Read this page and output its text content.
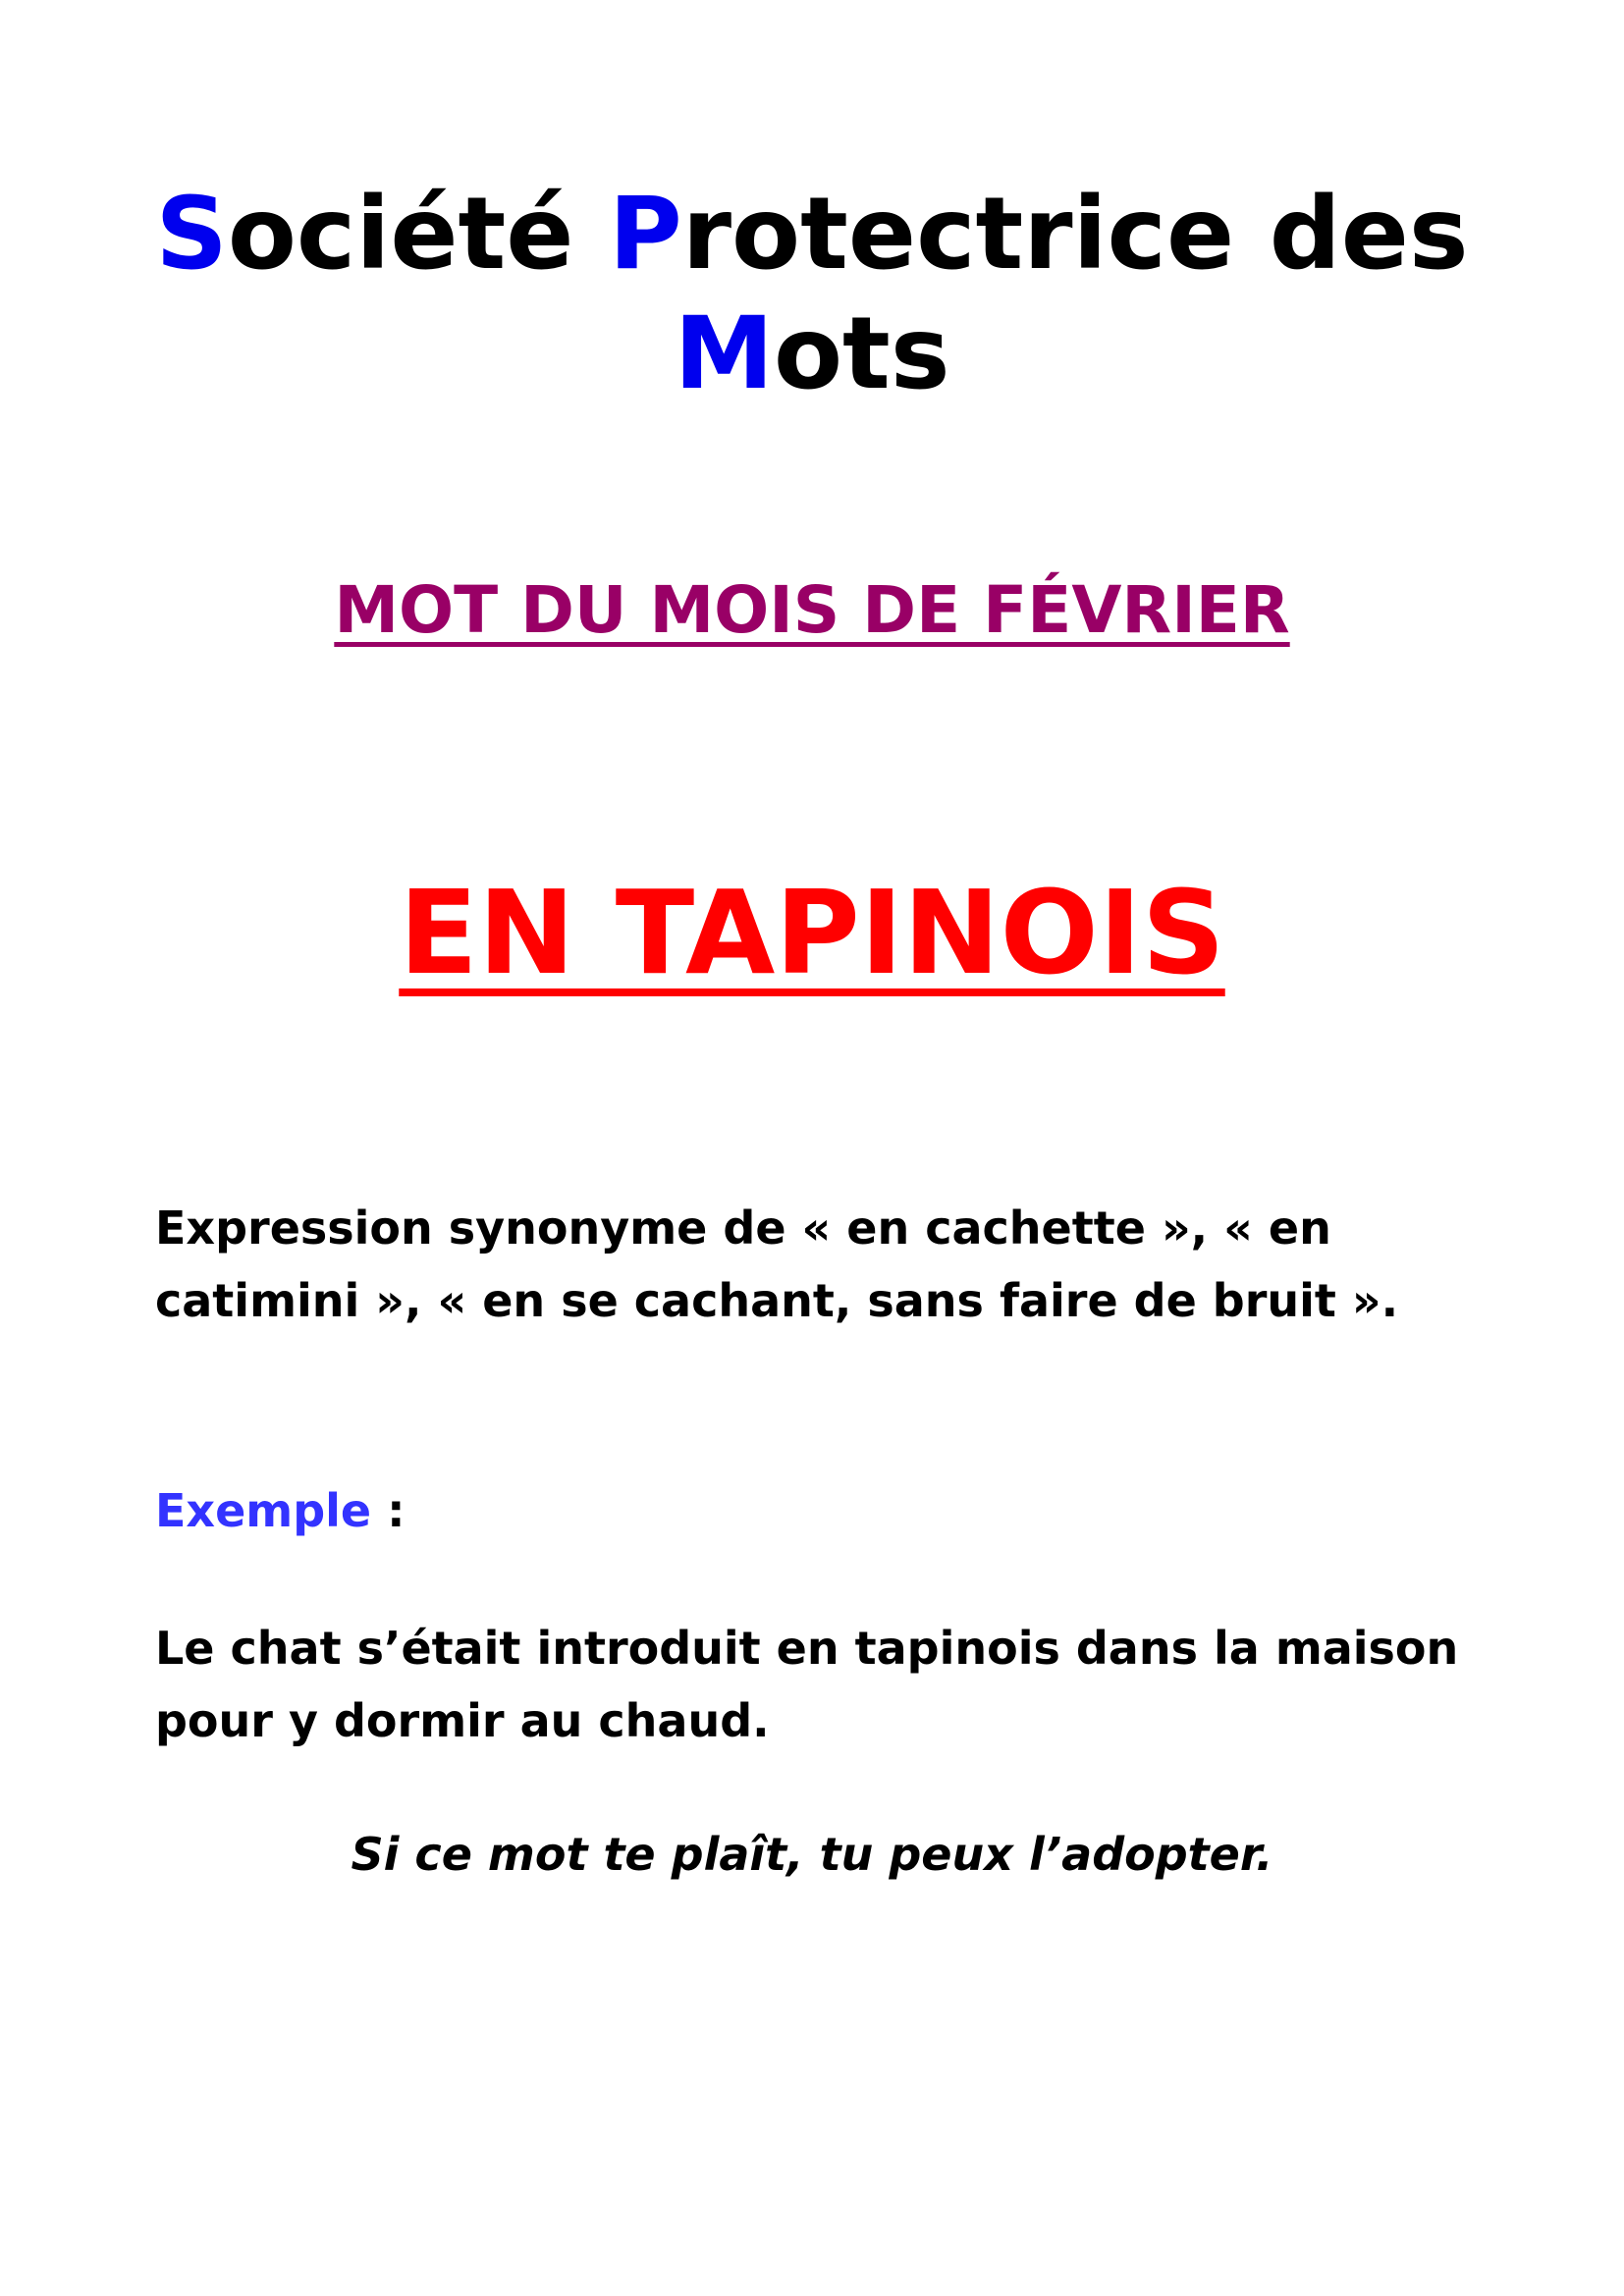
Société Protectrice des Mots
MOT DU MOIS DE FÉVRIER

EN TAPINOIS

Expression synonyme de « en cachette », « en catimini », « en se cachant, sans faire de bruit ».

Exemple :

Le chat s’était introduit en tapinois dans la maison pour y dormir au chaud.

Si ce mot te plaît, tu peux l’adopter.
